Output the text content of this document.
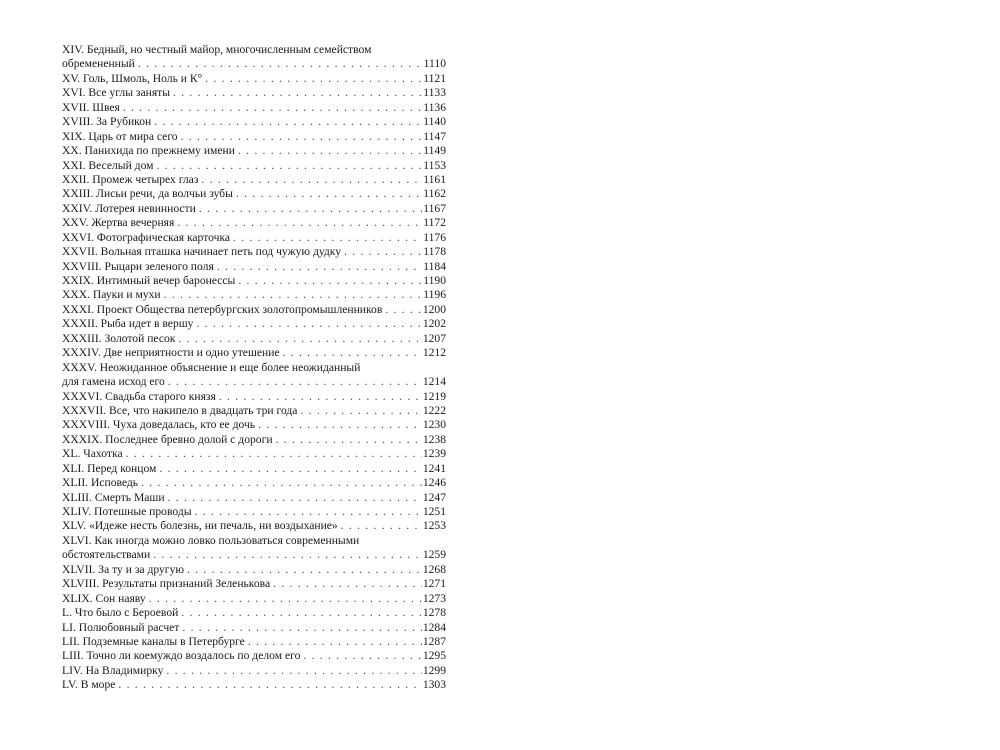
XIV. Бедный, но честный майор, многочисленным семейством
обремененный . . .	1110
XV. Голь, Шмоль, Ноль и К° . . .	1121
XVI. Все углы заняты . . .	1133
XVII. Швея . . .	1136
XVIII. За Рубикон . . .	1140
XIX. Царь от мира сего . . .	1147
XX. Панихида по прежнему имени . . .	1149
XXI. Веселый дом . . .	1153
XXII. Промеж четырех глаз . . .	1161
XXIII. Лисьи речи, да волчьи зубы . . .	1162
XXIV. Лотерея невинности . . .	1167
XXV. Жертва вечерняя . . .	1172
XXVI. Фотографическая карточка . . .	1176
XXVII. Вольная пташка начинает петь под чужую дудку . . .	1178
XXVIII. Рыцари зеленого поля . . .	1184
XXIX. Интимный вечер баронессы . . .	1190
XXX. Пауки и мухи . . .	1196
XXXI. Проект Общества петербургских золотопромышленников . . .	1200
XXXII. Рыба идет в вершу . . .	1202
XXXIII. Золотой песок . . .	1207
XXXIV. Две неприятности и одно утешение . . .	1212
XXXV. Неожиданное объяснение и еще более неожиданный
для гамена исход его . . .	1214
XXXVI. Свадьба старого князя . . .	1219
XXXVII. Все, что накипело в двадцать три года . . .	1222
XXXVIII. Чуха доведалась, кто ее дочь . . .	1230
XXXIX. Последнее бревно долой с дороги . . .	1238
XL. Чахотка . . .	1239
XLI. Перед концом . . .	1241
XLII. Исповедь . . .	1246
XLIII. Смерть Маши . . .	1247
XLIV. Потешные проводы . . .	1251
XLV. «Идеже несть болезнь, ни печаль, ни воздыхание» . . .	1253
XLVI. Как иногда можно ловко пользоваться современными
обстоятельствами . . .	1259
XLVII. За ту и за другую . . .	1268
XLVIII. Результаты признаний Зеленькова . . .	1271
XLIX. Сон наяву . . .	1273
L. Что было с Бероевой . . .	1278
LI. Полюбовный расчет . . .	1284
LII. Подземные каналы в Петербурге . . .	1287
LIII. Точно ли коемуждо воздалось по делом его . . .	1295
LIV. На Владимирку . . .	1299
LV. В море . . .	1303
